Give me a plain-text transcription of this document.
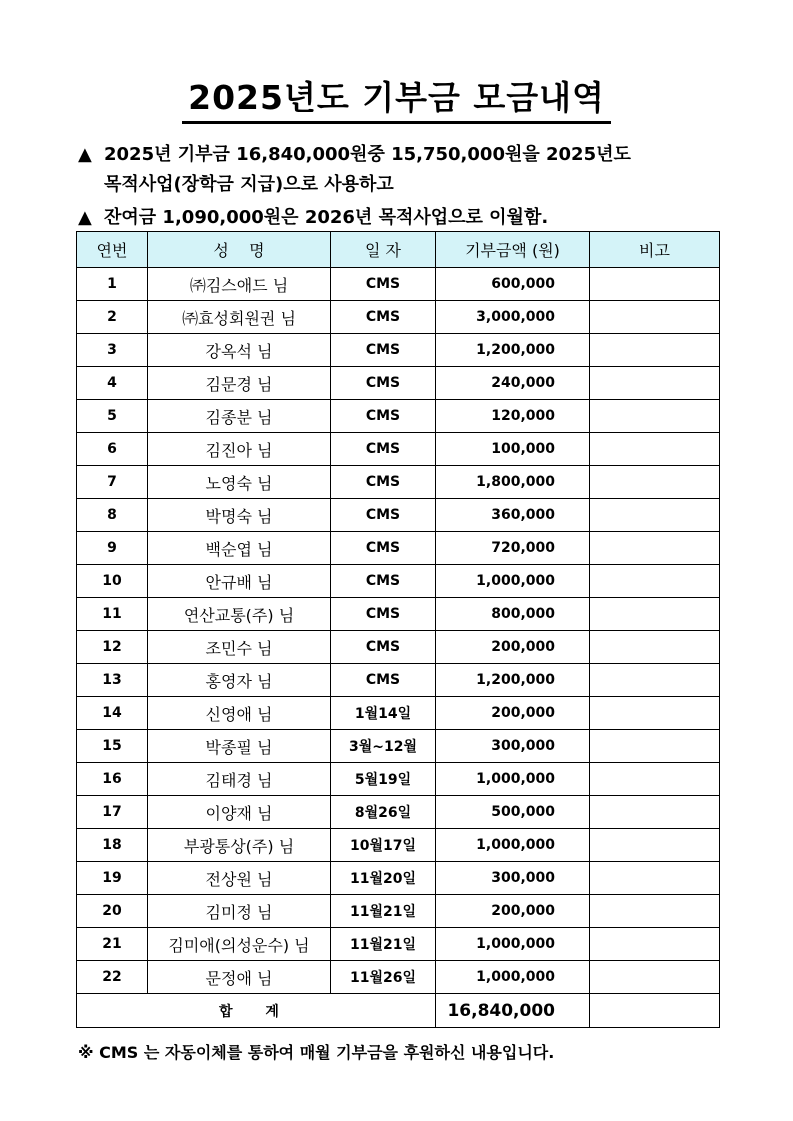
2025년도 기부금 모금내역
▲ 2025년 기부금 16,840,000원중 15,750,000원을 2025년도
목적사업(장학금 지급)으로 사용하고
▲ 잔여금 1,090,000원은 2026년 목적사업으로 이월함.
연번	성    명	일 자	기부금액 (원)	비고
1	㈜김스애드 님	CMS	600,000	
2	㈜효성회원권 님	CMS	3,000,000	
3	강옥석 님	CMS	1,200,000	
4	김문경 님	CMS	240,000	
5	김종분 님	CMS	120,000	
6	김진아 님	CMS	100,000	
7	노영숙 님	CMS	1,800,000	
8	박명숙 님	CMS	360,000	
9	백순엽 님	CMS	720,000	
10	안규배 님	CMS	1,000,000	
11	연산교통(주) 님	CMS	800,000	
12	조민수 님	CMS	200,000	
13	홍영자 님	CMS	1,200,000	
14	신영애 님	1월14일	200,000	
15	박종필 님	3월~12월	300,000	
16	김태경 님	5월19일	1,000,000	
17	이양재 님	8월26일	500,000	
18	부광통상(주) 님	10월17일	1,000,000	
19	전상원 님	11월20일	300,000	
20	김미정 님	11월21일	200,000	
21	김미애(의성운수) 님	11월21일	1,000,000	
22	문정애 님	11월26일	1,000,000	
합 계			16,840,000	
※ CMS 는 자동이체를 통하여 매월 기부금을 후원하신 내용입니다.
